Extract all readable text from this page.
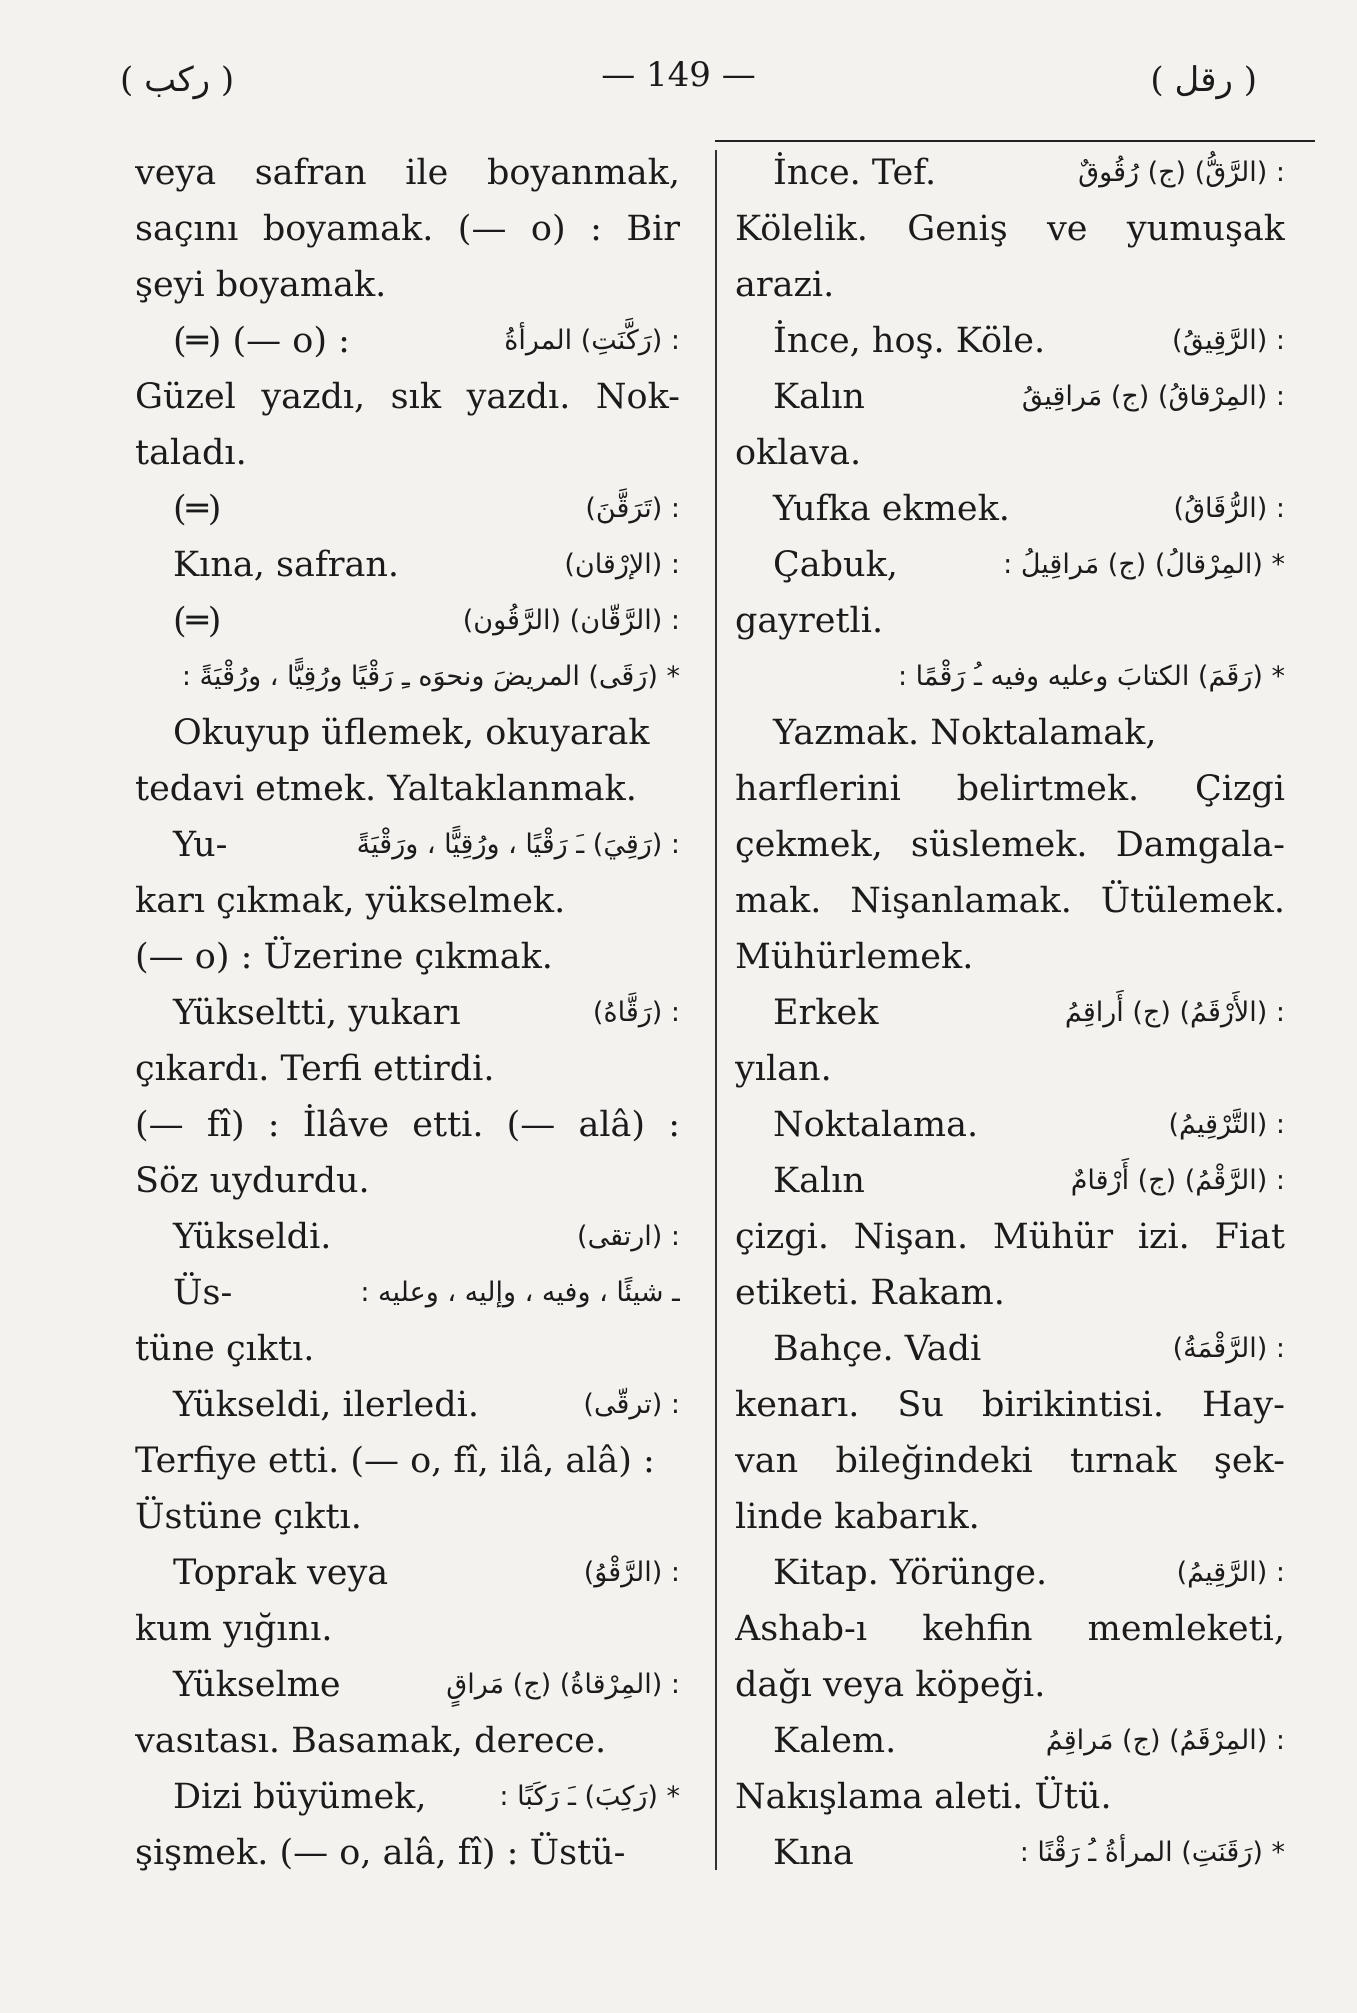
( ركب )	— 149 —	( رقل )
veya safran ile boyanmak,
saçını boyamak. (— o) : Bir
şeyi boyamak.
(═) (— o) :	: (رَكَّنَتِ) المرأةُ
Güzel yazdı, sık yazdı. Nok-
taladı.
(═)	: (تَرَقَّنَ)
Kına, safran.	: (الإرْقان)
(═)	: (الرَّقّان) (الرَّقُون)
* (رَقَى) المريضَ ونحوَه ـِ رَقْيًا ورُقِيًّا ، ورُقْيَةً :
Okuyup üflemek, okuyarak
tedavi etmek. Yaltaklanmak.
Yu-	: (رَقِيَ) ـَ رَقْيًا ، ورُقِيًّا ، ورَقْيَةً
karı çıkmak, yükselmek.
(— o) : Üzerine çıkmak.
Yükseltti, yukarı	: (رَقَّاهُ)
çıkardı. Terfi ettirdi.
(— fî) : İlâve etti. (— alâ) :
Söz uydurdu.
Yükseldi.	: (ارتقى)
Üs-	ـ شيئًا ، وفيه ، وإليه ، وعليه :
tüne çıktı.
Yükseldi, ilerledi.	: (ترقّى)
Terfiye etti. (— o, fî, ilâ, alâ) :
Üstüne çıktı.
Toprak veya	: (الرَّقْوُ)
kum yığını.
Yükselme	: (المِرْقاةُ) (ج) مَراقٍ
vasıtası. Basamak, derece.
Dizi büyümek,	* (رَكِبَ) ـَ رَكَبًا :
şişmek. (— o, alâ, fî) : Üstü-
İnce. Tef.	: (الرَّقُّ) (ج) رُقُوقٌ
Kölelik. Geniş ve yumuşak
arazi.
İnce, hoş. Köle.	: (الرَّقِيقُ)
Kalın	: (المِرْقاقُ) (ج) مَراقِيقُ
oklava.
Yufka ekmek.	: (الرُّقَاقُ)
Çabuk,	* (المِرْقالُ) (ج) مَراقِيلُ :
gayretli.
* (رَقَمَ) الكتابَ وعليه وفيه ـُ رَقْمًا :
Yazmak. Noktalamak,
harflerini belirtmek. Çizgi
çekmek, süslemek. Damgala-
mak. Nişanlamak. Ütülemek.
Mühürlemek.
Erkek	: (الأَرْقَمُ) (ج) أَراقِمُ
yılan.
Noktalama.	: (التَّرْقِيمُ)
Kalın	: (الرَّقْمُ) (ج) أَرْقامٌ
çizgi. Nişan. Mühür izi. Fiat
etiketi. Rakam.
Bahçe. Vadi	: (الرَّقْمَةُ)
kenarı. Su birikintisi. Hay-
van bileğindeki tırnak şek-
linde kabarık.
Kitap. Yörünge.	: (الرَّقِيمُ)
Ashab-ı kehfin memleketi,
dağı veya köpeği.
Kalem.	: (المِرْقَمُ) (ج) مَراقِمُ
Nakışlama aleti. Ütü.
Kına	* (رَقَنَتِ) المرأةُ ـُ رَقْنًا :
